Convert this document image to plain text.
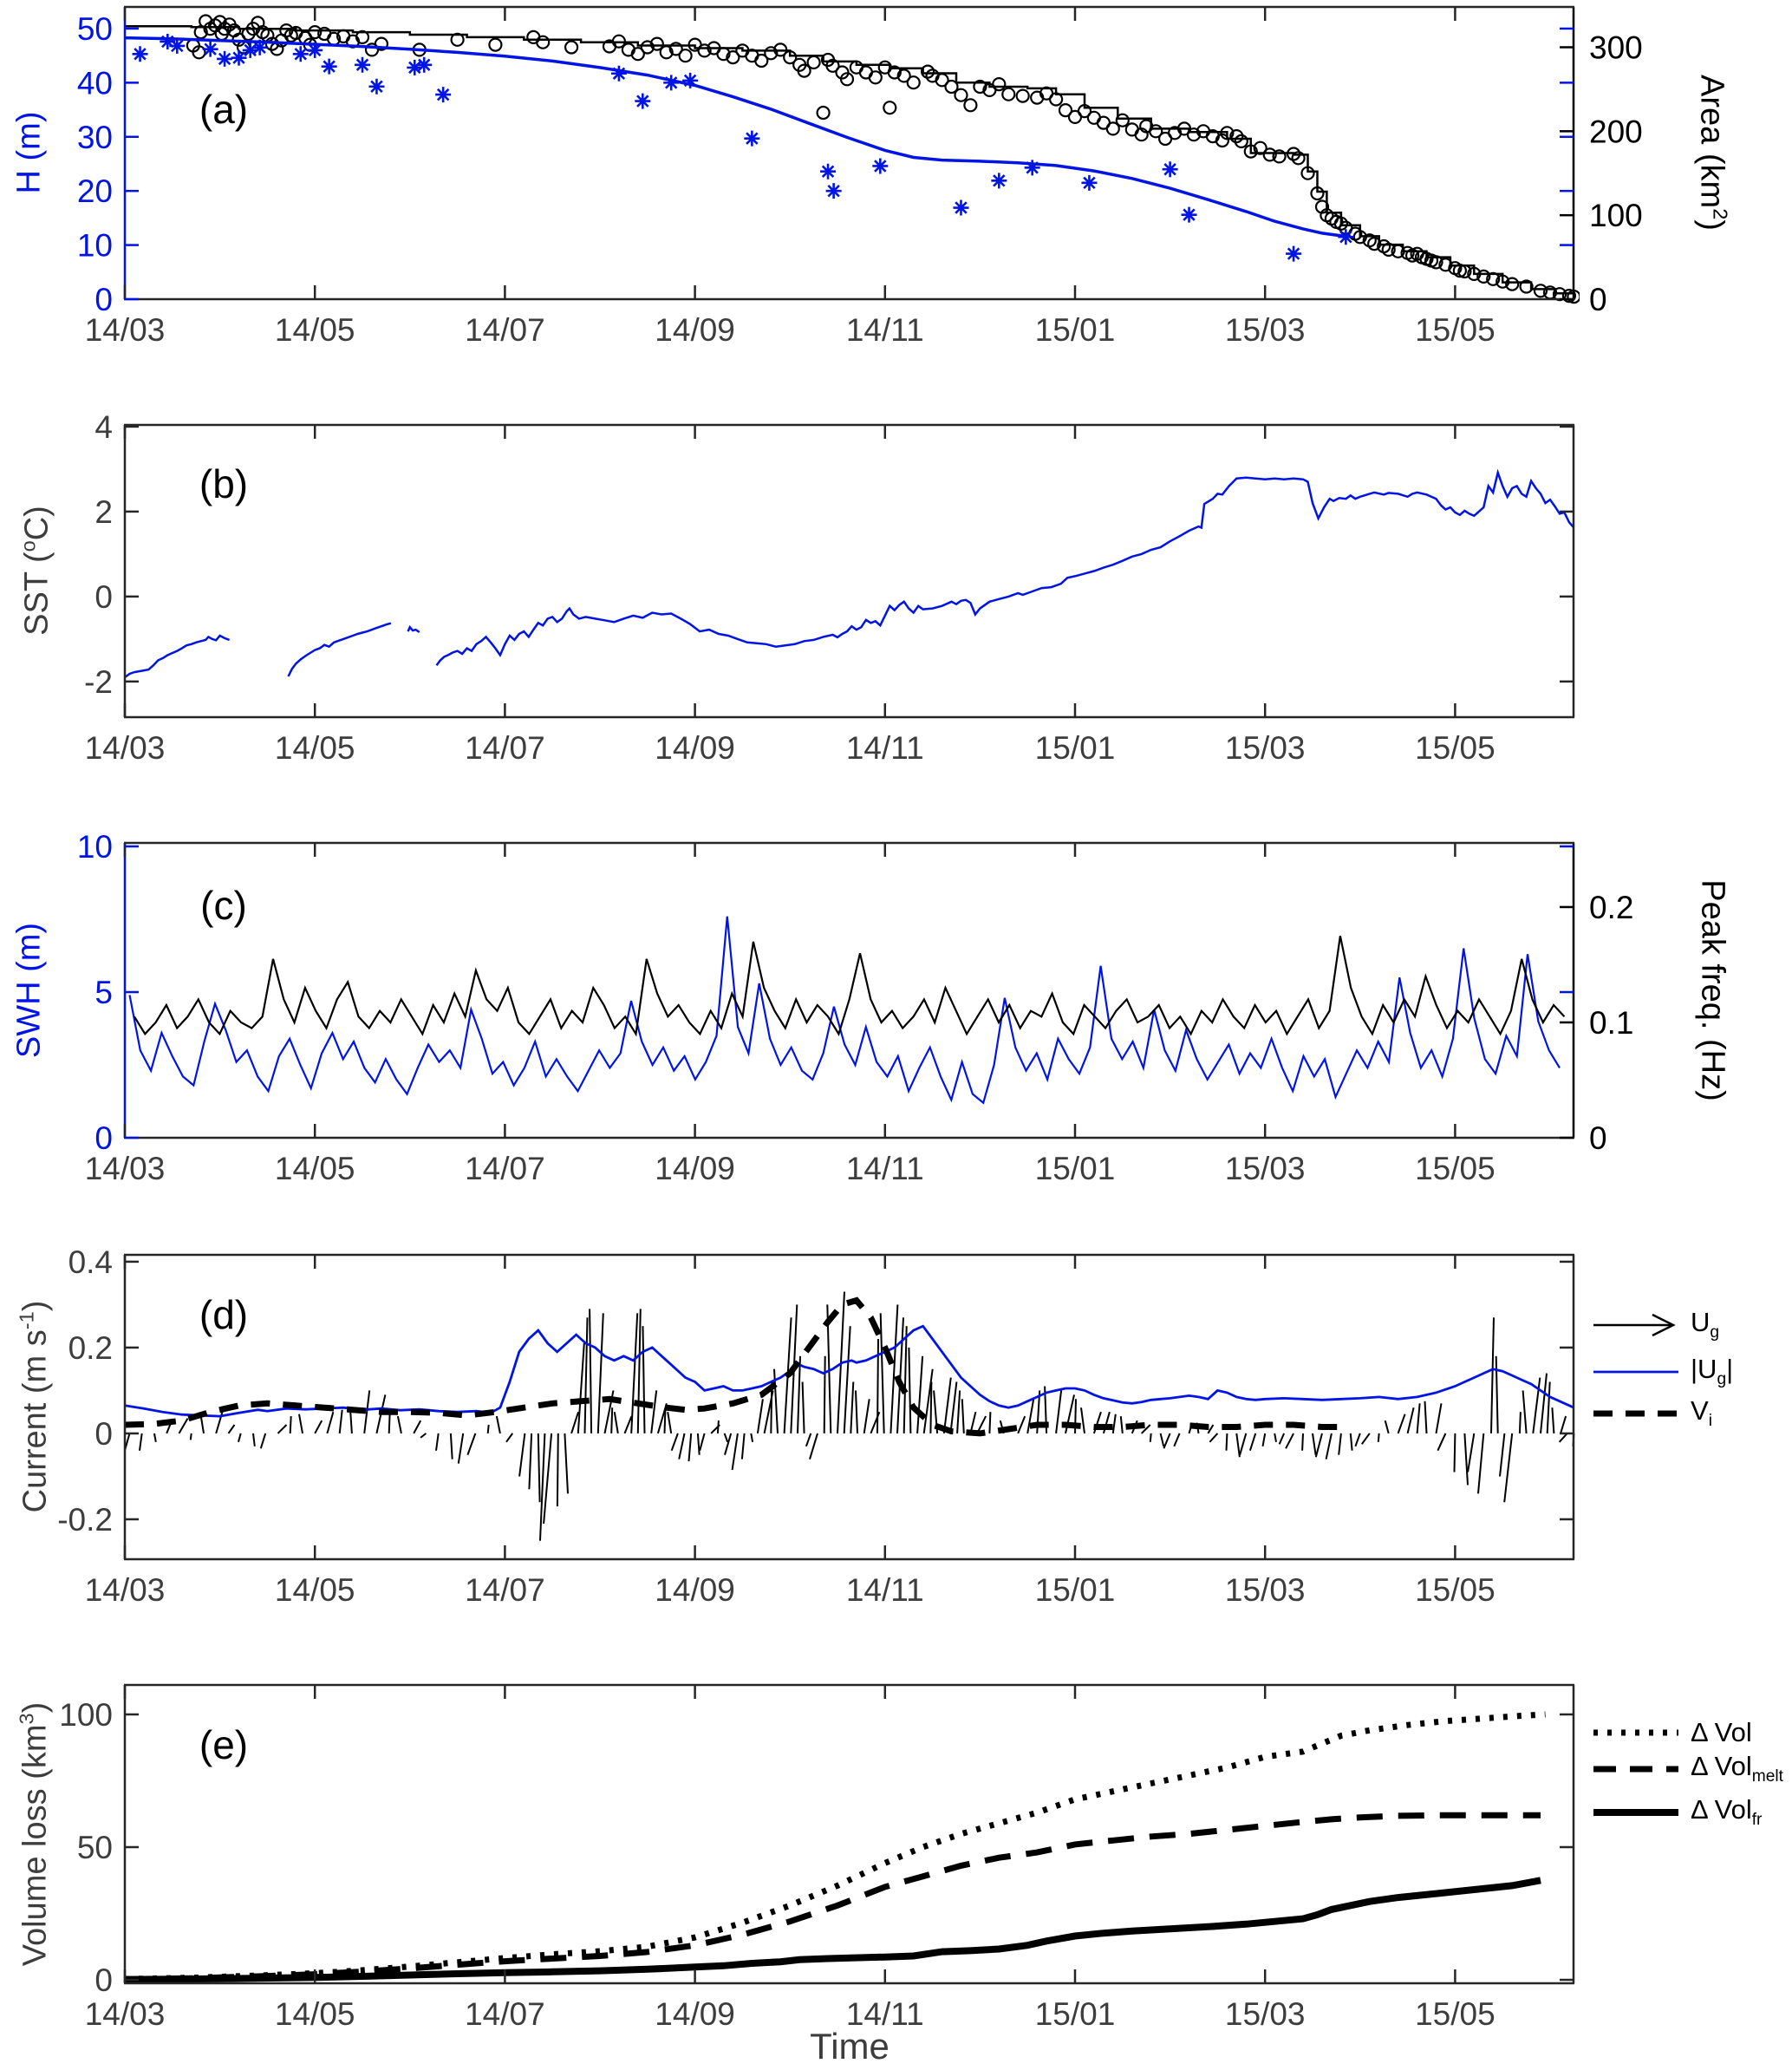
14/03	14/05	14/07	14/09	14/11	15/01	15/03	15/05
0
10
20
30
40
50
0
100
200
300
14/03	14/05	14/07	14/09	14/11	15/01	15/03	15/05
-2
0
2
4
14/03	14/05	14/07	14/09	14/11	15/01	15/03	15/05
0
5
10
0
0.1
0.2
14/03	14/05	14/07	14/09	14/11	15/01	15/03	15/05
-0.2
0
0.2
0.4
14/03	14/05	14/07	14/09	14/11	15/01	15/03	15/05
0
50
100
(a)
(b)
(c)
(d)
(e)
H (m)	Area $(km^2)$
SST ($^o$C)
SWH (m)	Peak freq. (Hz)
Current (m $s^{-1}$)
Volume loss $(km^3)$
Time
$U_g$
$|U_g|$
$V_i$
Δ Vol
Δ Vol$_{melt}$
Δ Vol$_{fr}$
